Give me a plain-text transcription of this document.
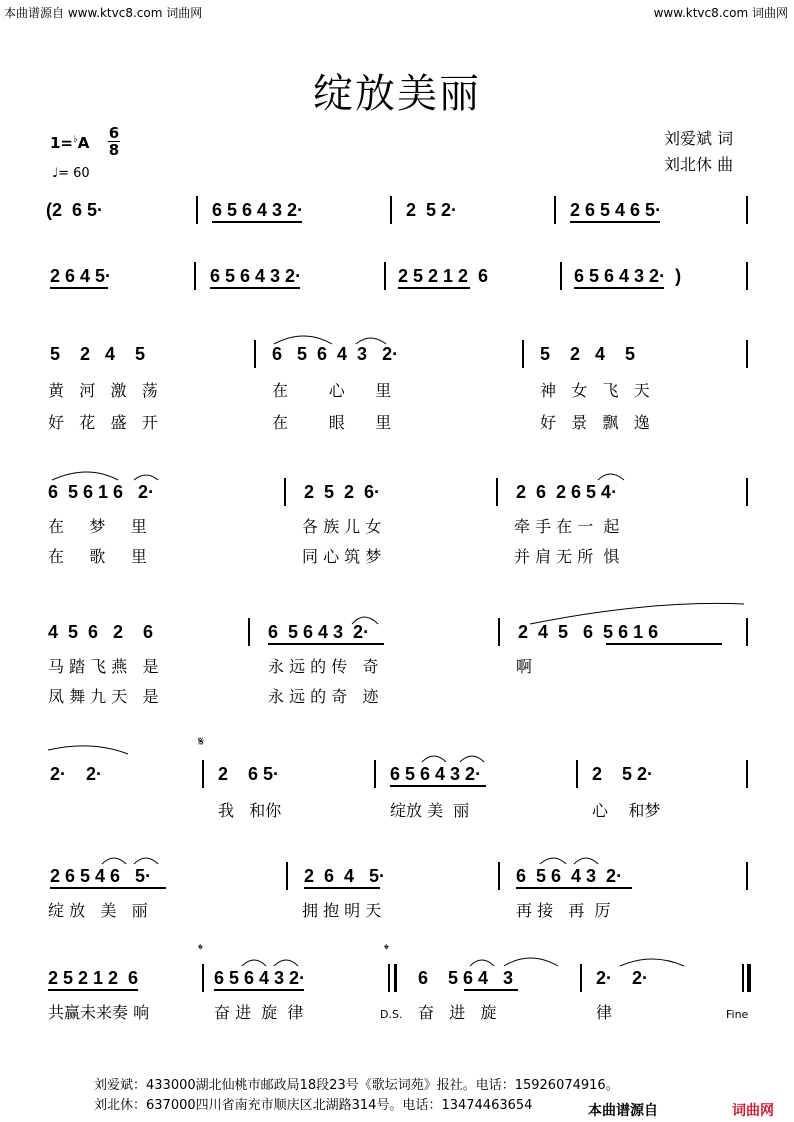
本曲谱源自 www.ktvc8.com 词曲网	www.ktvc8.com 词曲网
绽放美丽
1=♭A
6
8
♩= 60
刘爱斌 词
刘北休 曲
(2  6 5·	6 5 6 4 3 2·	2  5 2·	2 6 5 4 6 5·
2 6 4 5·	6 5 6 4 3 2·	2 5 2 1 2  6	6 5 6 4 3 2·  )
5    2   4    5	6   5  6  4  3   2·	5    2   4    5
黄   河   激   荡	在        心      里	神   女   飞   天
好   花   盛   开	在        眼      里	好   景   飘   逸
6  5 6 1 6   2·	2  5  2  6·	2  6  2 6 5 4·
在     梦     里	各 族 儿 女	牵 手 在 一  起
在     歌     里	同 心 筑 梦	并 肩 无 所  惧
4  5  6   2    6	6  5 6 4 3  2·	2  4  5   6  5 6 1 6
马 踏 飞 燕   是	永 远 的 传   奇	啊
凤 舞 九 天   是	永 远 的 奇   迹
𝄋
2·    2·	2    6 5·	6 5 6 4 3 2·	2    5 2·
我   和你	绽放 美  丽	心    和梦
2 6 5 4 6   5·	2  6  4   5·	6  5 6  4 3  2·
绽 放   美   丽	拥 抱 明 天	再 接   再  厉
𝄌	𝄌
2 5 2 1 2  6	6 5 6 4 3 2·	6    5 6 4   3	2·    2·
共赢未来奏 响	奋 进  旋  律	奋   进   旋	律
D.S.	Fine
刘爱斌：433000湖北仙桃市邮政局18段23号《歌坛词苑》报社。电话：15926074916。
刘北休：637000四川省南充市顺庆区北湖路314号。电话：13474463654	本曲谱源自	词曲网
